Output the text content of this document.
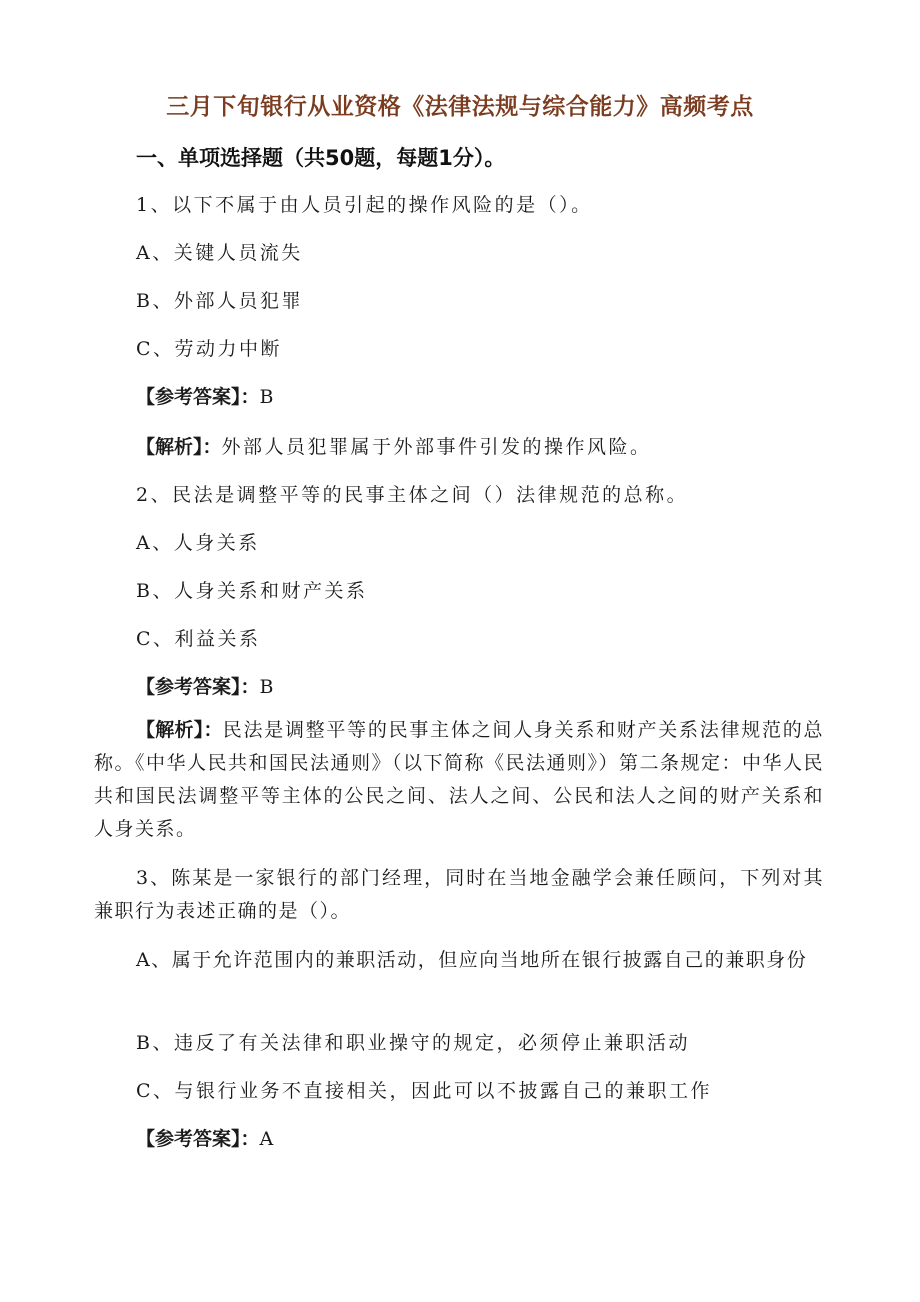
三月下旬银行从业资格《法律法规与综合能力》高频考点
一、单项选择题（共50题，每题1分）。
1、以下不属于由人员引起的操作风险的是（）。
A、关键人员流失
B、外部人员犯罪
C、劳动力中断
【参考答案】：B
【解析】：外部人员犯罪属于外部事件引发的操作风险。
2、民法是调整平等的民事主体之间（）法律规范的总称。
A、人身关系
B、人身关系和财产关系
C、利益关系
【参考答案】：B
【解析】：民法是调整平等的民事主体之间人身关系和财产关系法律规范的总称。《中华人民共和国民法通则》（以下简称《民法通则》）第二条规定：中华人民共和国民法调整平等主体的公民之间、法人之间、公民和法人之间的财产关系和人身关系。
3、陈某是一家银行的部门经理，同时在当地金融学会兼任顾问，下列对其兼职行为表述正确的是（）。
A、属于允许范围内的兼职活动，但应向当地所在银行披露自己的兼职身份
B、违反了有关法律和职业操守的规定，必须停止兼职活动
C、与银行业务不直接相关，因此可以不披露自己的兼职工作
【参考答案】：A
